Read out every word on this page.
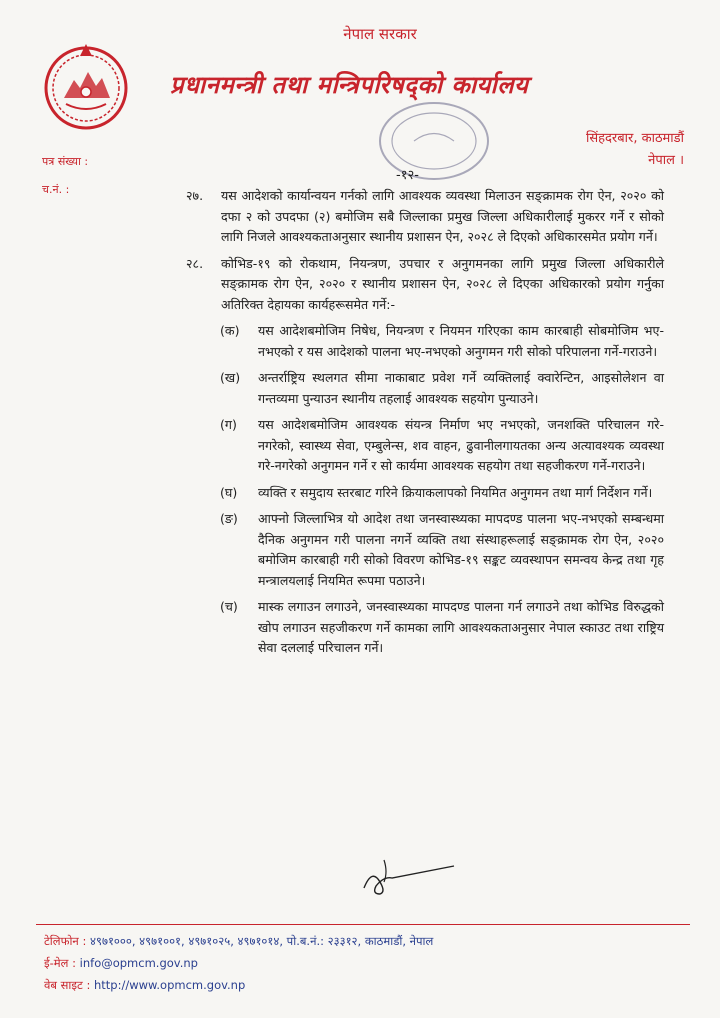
नेपाल सरकार
प्रधानमन्त्री तथा मन्त्रिपरिषद्को कार्यालय
सिंहदरबार, काठमाडौं
नेपाल ।
पत्र संख्या :
च.नं. :
-१२-
२७.	यस आदेशको कार्यान्वयन गर्नको लागि आवश्यक व्यवस्था मिलाउन सङ्क्रामक रोग ऐन, २०२० को दफा २ को उपदफा (२) बमोजिम सबै जिल्लाका प्रमुख जिल्ला अधिकारीलाई मुकरर गर्ने र सोको लागि निजले आवश्यकताअनुसार स्थानीय प्रशासन ऐन, २०२८ ले दिएको अधिकारसमेत प्रयोग गर्ने।
२८.	कोभिड-१९ को रोकथाम, नियन्त्रण, उपचार र अनुगमनका लागि प्रमुख जिल्ला अधिकारीले सङ्क्रामक रोग ऐन, २०२० र स्थानीय प्रशासन ऐन, २०२८ ले दिएका अधिकारको प्रयोग गर्नुका अतिरिक्त देहायका कार्यहरूसमेत गर्ने:-
(क)	यस आदेशबमोजिम निषेध, नियन्त्रण र नियमन गरिएका काम कारबाही सोबमोजिम भए-नभएको र यस आदेशको पालना भए-नभएको अनुगमन गरी सोको परिपालना गर्ने-गराउने।
(ख)	अन्तर्राष्ट्रिय स्थलगत सीमा नाकाबाट प्रवेश गर्ने व्यक्तिलाई क्वारेन्टिन, आइसोलेशन वा गन्तव्यमा पुन्याउन स्थानीय तहलाई आवश्यक सहयोग पुन्याउने।
(ग)	यस आदेशबमोजिम आवश्यक संयन्त्र निर्माण भए नभएको, जनशक्ति परिचालन गरे-नगरेको, स्वास्थ्य सेवा, एम्बुलेन्स, शव वाहन, ढुवानीलगायतका अन्य अत्यावश्यक व्यवस्था गरे-नगरेको अनुगमन गर्ने र सो कार्यमा आवश्यक सहयोग तथा सहजीकरण गर्ने-गराउने।
(घ)	व्यक्ति र समुदाय स्तरबाट गरिने क्रियाकलापको नियमित अनुगमन तथा मार्ग निर्देशन गर्ने।
(ङ)	आफ्नो जिल्लाभित्र यो आदेश तथा जनस्वास्थ्यका मापदण्ड पालना भए-नभएको सम्बन्धमा दैनिक अनुगमन गरी पालना नगर्ने व्यक्ति तथा संस्थाहरूलाई सङ्क्रामक रोग ऐन, २०२० बमोजिम कारबाही गरी सोको विवरण कोभिड-१९ सङ्कट व्यवस्थापन समन्वय केन्द्र तथा गृह मन्त्रालयलाई नियमित रूपमा पठाउने।
(च)	मास्क लगाउन लगाउने, जनस्वास्थ्यका मापदण्ड पालना गर्न लगाउने तथा कोभिड विरुद्धको खोप लगाउन सहजीकरण गर्ने कामका लागि आवश्यकताअनुसार नेपाल स्काउट तथा राष्ट्रिय सेवा दललाई परिचालन गर्ने।
टेलिफोन : ४९७१०००, ४९७१००१, ४९७१०२५, ४९७१०१४, पो.ब.नं.: २३३१२, काठमाडौं, नेपाल
ई-मेल : info@opmcm.gov.np
वेब साइट : http://www.opmcm.gov.np
